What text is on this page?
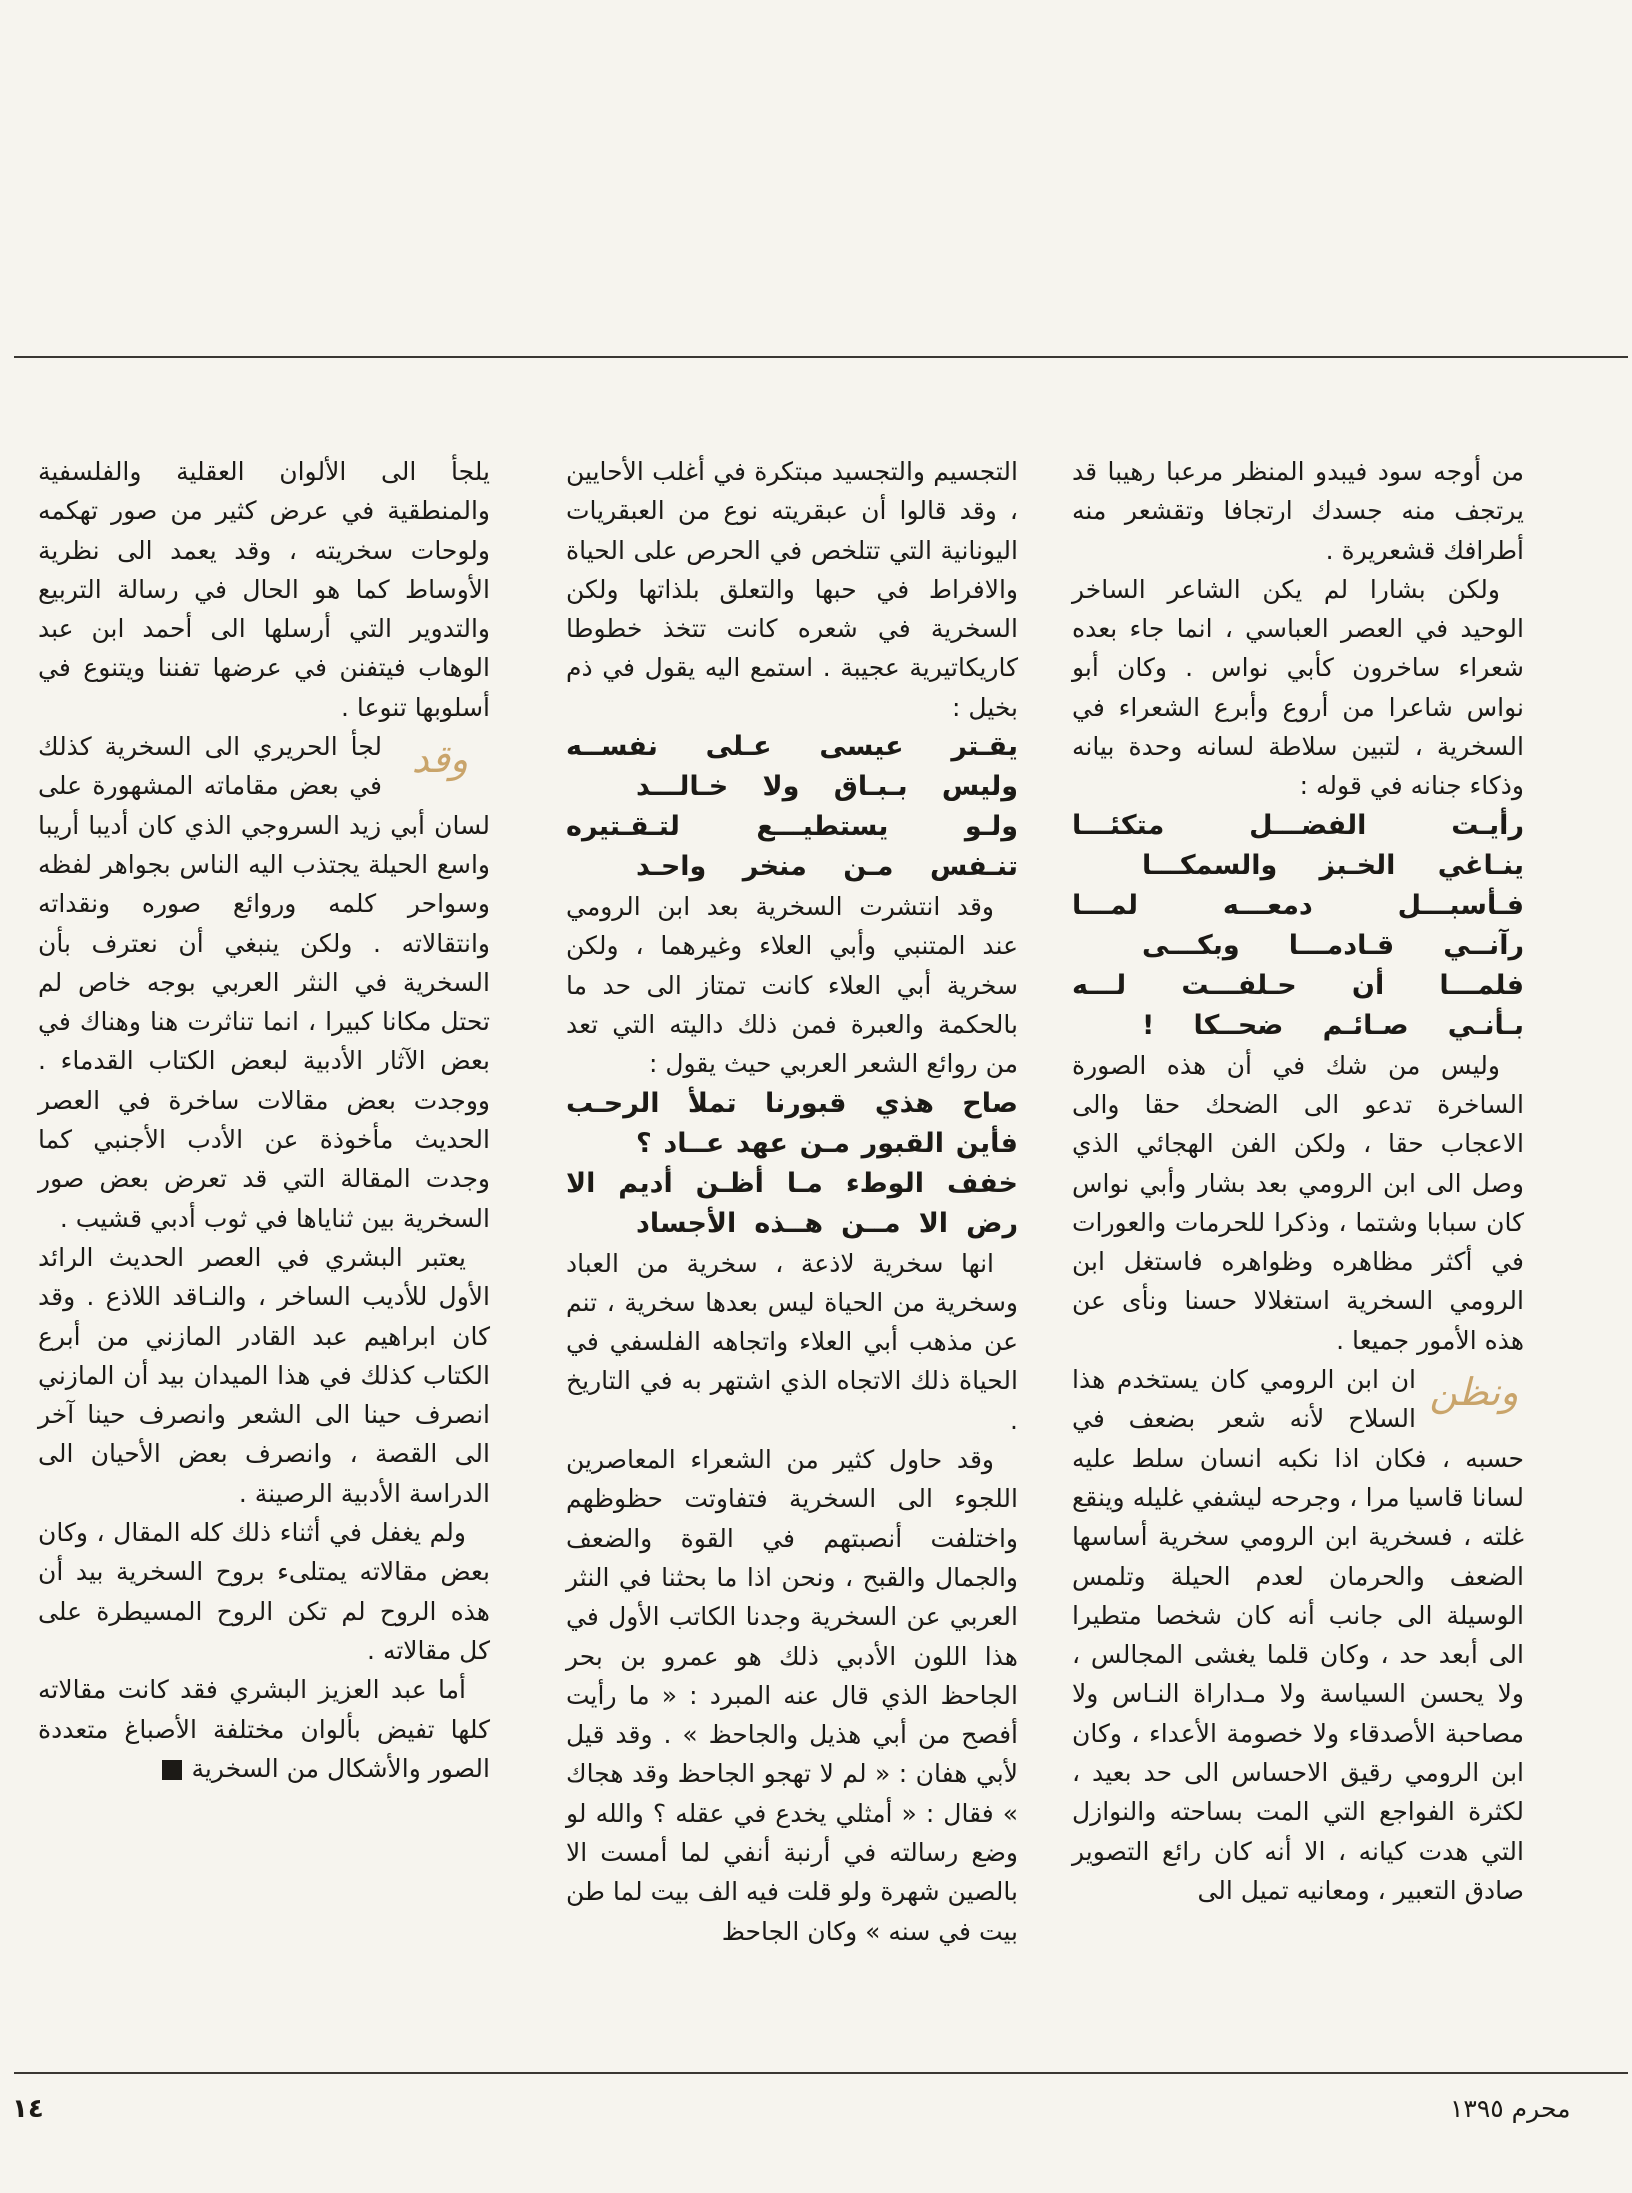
من أوجه سود فيبدو المنظر مرعبا رهيبا قد يرتجف منه جسدك ارتجافا وتقشعر منه أطرافك قشعريرة .

ولكن بشارا لم يكن الشاعر الساخر الوحيد في العصر العباسي ، انما جاء بعده شعراء ساخرون كأبي نواس . وكان أبو نواس شاعرا من أروع وأبرع الشعراء في السخرية ، لتبين سلاطة لسانه وحدة بيانه وذكاء جنانه في قوله :

رأيـت الفضـــل متكئـــا
ينـاغي الخـبز والسمكـــا
فـأسبـــل دمعـــه لمـــا
رآنــي قـادمـــا وبكـــى
فلمـــا أن حـلفـــت لـــه
بـأنـي صـائـم ضحــكا !

وليس من شك في أن هذه الصورة الساخرة تدعو الى الضحك حقا والى الاعجاب حقا ، ولكن الفن الهجائي الذي وصل الى ابن الرومي بعد بشار وأبي نواس كان سبابا وشتما ، وذكرا للحرمات والعورات في أكثر مظاهره وظواهره فاستغل ابن الرومي السخرية استغلالا حسنا ونأى عن هذه الأمور جميعا .

ونظن

ان ابن الرومي كان يستخدم هذا السلاح لأنه شعر بضعف في حسبه ، فكان اذا نكبه انسان سلط عليه لسانا قاسيا مرا ، وجرحه ليشفي غليله وينقع غلته ، فسخرية ابن الرومي سخرية أساسها الضعف والحرمان لعدم الحيلة وتلمس الوسيلة الى جانب أنه كان شخصا متطيرا الى أبعد حد ، وكان قلما يغشى المجالس ، ولا يحسن السياسة ولا مـداراة النـاس ولا مصاحبة الأصدقاء ولا خصومة الأعداء ، وكان ابن الرومي رقيق الاحساس الى حد بعيد ، لكثرة الفواجع التي المت بساحته والنوازل التي هدت كيانه ، الا أنه كان رائع التصوير صادق التعبير ، ومعانيه تميل الى

التجسيم والتجسيد مبتكرة في أغلب الأحايين ، وقد قالوا أن عبقريته نوع من العبقريات اليونانية التي تتلخص في الحرص على الحياة والافراط في حبها والتعلق بلذاتها ولكن السخرية في شعره كانت تتخذ خطوطا كاريكاتيرية عجيبة . استمع اليه يقول في ذم بخيل :

يقـتر عيسى عـلى نفســه
وليس بـبـاق ولا خـالـــد
ولـو يستطيـــع لتـقـتيره
تنـفس مـن منخر واحـد

وقد انتشرت السخرية بعد ابن الرومي عند المتنبي وأبي العلاء وغيرهما ، ولكن سخرية أبي العلاء كانت تمتاز الى حد ما بالحكمة والعبرة فمن ذلك داليته التي تعد من روائع الشعر العربي حيث يقول :

صاح هذي قبورنا تملأ الرحـب
فأين القبور مـن عهد عــاد ؟
خفف الوطء مـا أظـن أديم الا
رض الا مــن هــذه الأجساد

انها سخرية لاذعة ، سخرية من العباد وسخرية من الحياة ليس بعدها سخرية ، تنم عن مذهب أبي العلاء واتجاهه الفلسفي في الحياة ذلك الاتجاه الذي اشتهر به في التاريخ .

وقد حاول كثير من الشعراء المعاصرين اللجوء الى السخرية فتفاوتت حظوظهم واختلفت أنصبتهم في القوة والضعف والجمال والقبح ، ونحن اذا ما بحثنا في النثر العربي عن السخرية وجدنا الكاتب الأول في هذا اللون الأدبي ذلك هو عمرو بن بحر الجاحظ الذي قال عنه المبرد : « ما رأيت أفصح من أبي هذيل والجاحظ » . وقد قيل لأبي هفان : « لم لا تهجو الجاحظ وقد هجاك » فقال : « أمثلي يخدع في عقله ؟ والله لو وضع رسالته في أرنبة أنفي لما أمست الا بالصين شهرة ولو قلت فيه الف بيت لما طن بيت في سنه » وكان الجاحظ

يلجأ الى الألوان العقلية والفلسفية والمنطقية في عرض كثير من صور تهكمه ولوحات سخريته ، وقد يعمد الى نظرية الأوساط كما هو الحال في رسالة التربيع والتدوير التي أرسلها الى أحمد ابن عبد الوهاب فيتفنن في عرضها تفننا ويتنوع في أسلوبها تنوعا .

وقد

لجأ الحريري الى السخرية كذلك في بعض مقاماته المشهورة على لسان أبي زيد السروجي الذي كان أديبا أريبا واسع الحيلة يجتذب اليه الناس بجواهر لفظه وسواحر كلمه وروائع صوره ونقداته وانتقالاته . ولكن ينبغي أن نعترف بأن السخرية في النثر العربي بوجه خاص لم تحتل مكانا كبيرا ، انما تناثرت هنا وهناك في بعض الآثار الأدبية لبعض الكتاب القدماء . ووجدت بعض مقالات ساخرة في العصر الحديث مأخوذة عن الأدب الأجنبي كما وجدت المقالة التي قد تعرض بعض صور السخرية بين ثناياها في ثوب أدبي قشيب .

يعتبر البشري في العصر الحديث الرائد الأول للأديب الساخر ، والنـاقد اللاذع . وقد كان ابراهيم عبد القادر المازني من أبرع الكتاب كذلك في هذا الميدان بيد أن المازني انصرف حينا الى الشعر وانصرف حينا آخر الى القصة ، وانصرف بعض الأحيان الى الدراسة الأدبية الرصينة .

ولم يغفل في أثناء ذلك كله المقال ، وكان بعض مقالاته يمتلىء بروح السخرية بيد أن هذه الروح لم تكن الروح المسيطرة على كل مقالاته .

أما عبد العزيز البشري فقد كانت مقالاته كلها تفيض بألوان مختلفة الأصباغ متعددة الصور والأشكال من السخرية

١٤	محرم ١٣٩٥
